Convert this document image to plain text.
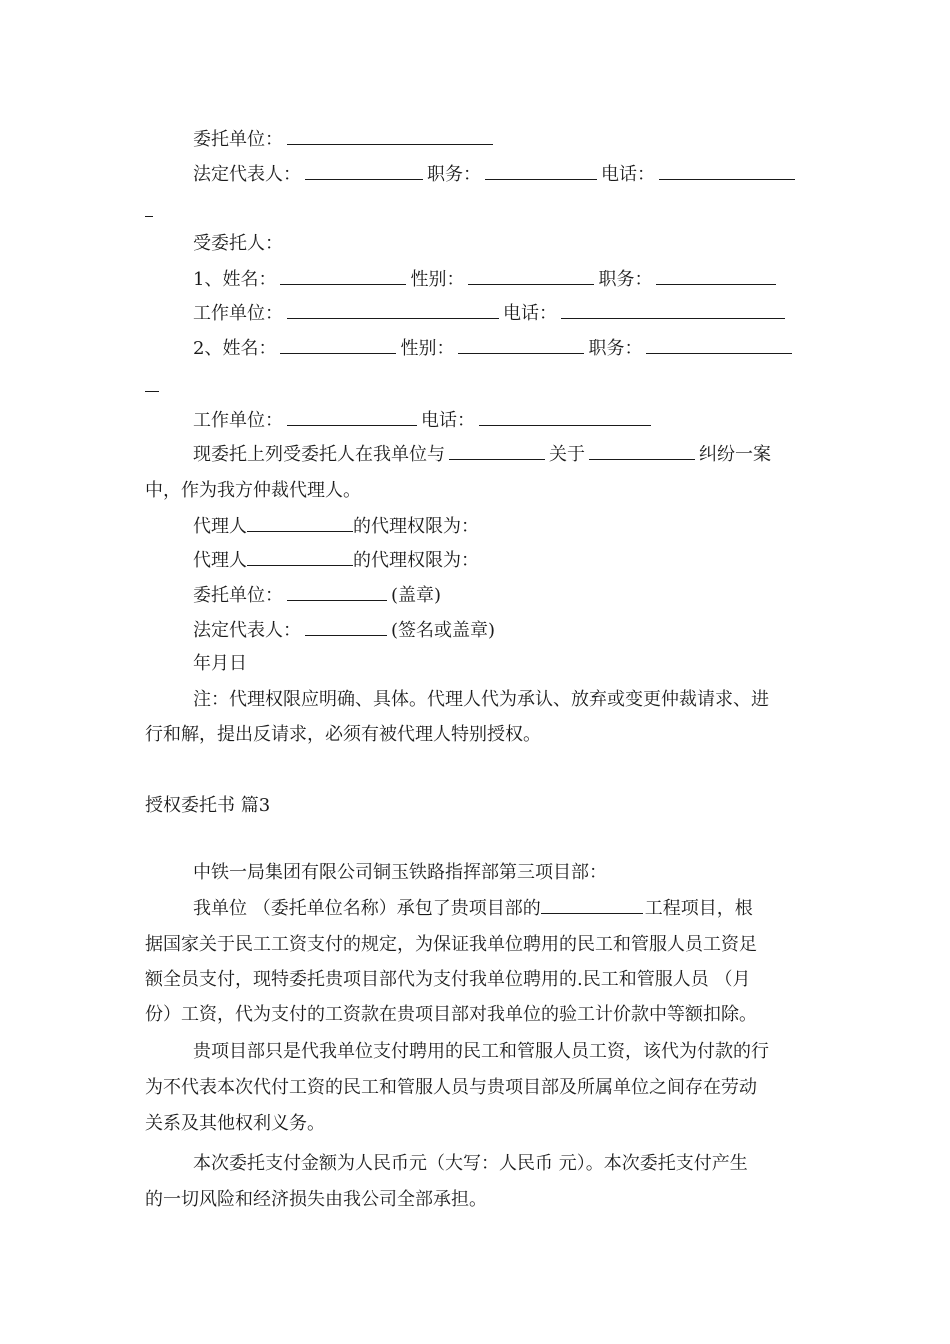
委托单位：
法定代表人：	职务：	电话：
受委托人：
1、姓名：	性别：	职务：
工作单位：	电话：
2、姓名：	性别：	职务：
工作单位：	电话：
现委托上列受委托人在我单位与	关于	纠纷一案
中，作为我方仲裁代理人。
代理人	的代理权限为：
代理人	的代理权限为：
委托单位：	(盖章)
法定代表人：	(签名或盖章)
年月日
注：代理权限应明确、具体。代理人代为承认、放弃或变更仲裁请求、进
行和解，提出反请求，必须有被代理人特别授权。
授权委托书 篇3
中铁一局集团有限公司铜玉铁路指挥部第三项目部：
我单位 （委托单位名称）承包了贵项目部的	工程项目，根
据国家关于民工工资支付的规定，为保证我单位聘用的民工和管服人员工资足
额全员支付，现特委托贵项目部代为支付我单位聘用的.民工和管服人员 （月
份）工资，代为支付的工资款在贵项目部对我单位的验工计价款中等额扣除。
贵项目部只是代我单位支付聘用的民工和管服人员工资，该代为付款的行
为不代表本次代付工资的民工和管服人员与贵项目部及所属单位之间存在劳动
关系及其他权利义务。
本次委托支付金额为人民币元（大写：人民币 元）。本次委托支付产生
的一切风险和经济损失由我公司全部承担。
